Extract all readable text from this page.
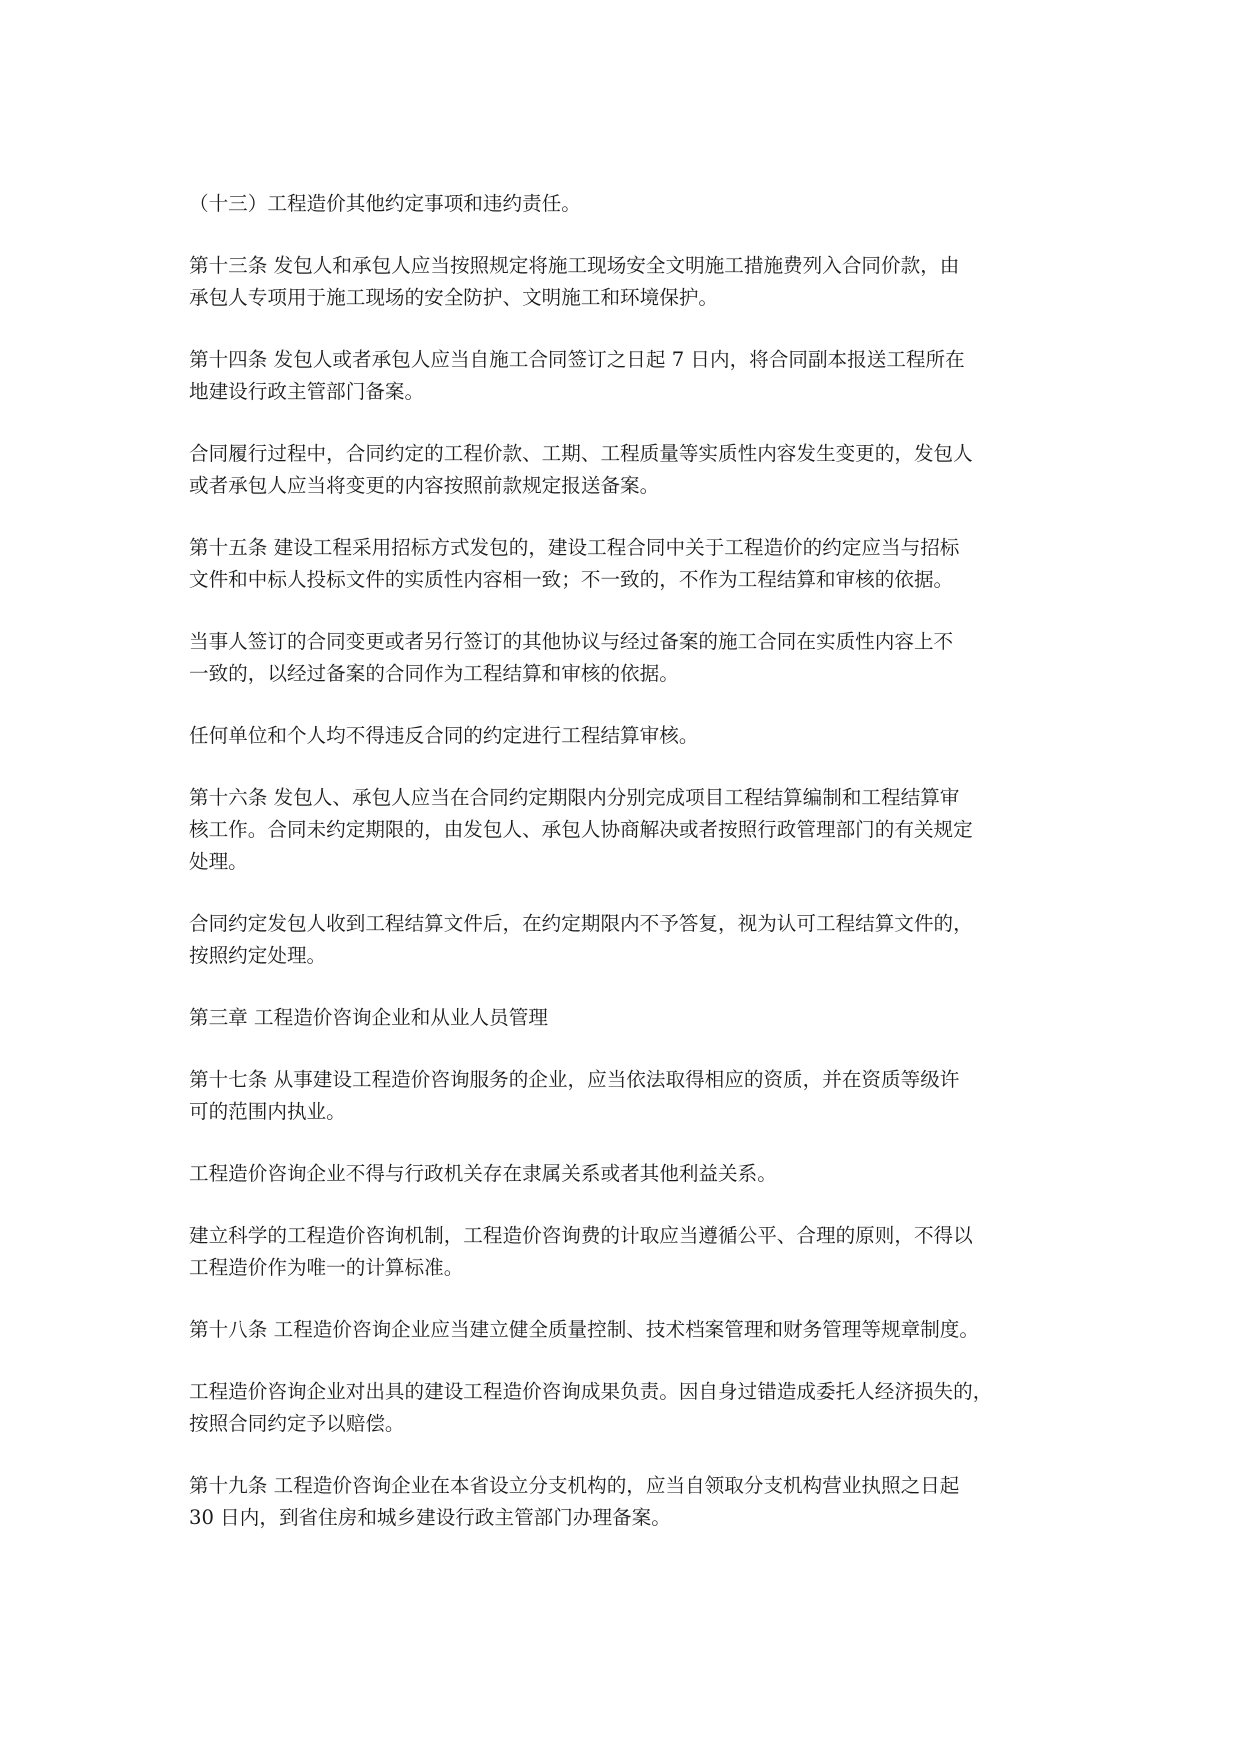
（十三）工程造价其他约定事项和违约责任。
第十三条 发包人和承包人应当按照规定将施工现场安全文明施工措施费列入合同价款，由
承包人专项用于施工现场的安全防护、文明施工和环境保护。
第十四条 发包人或者承包人应当自施工合同签订之日起 7 日内，将合同副本报送工程所在
地建设行政主管部门备案。
合同履行过程中，合同约定的工程价款、工期、工程质量等实质性内容发生变更的，发包人
或者承包人应当将变更的内容按照前款规定报送备案。
第十五条 建设工程采用招标方式发包的，建设工程合同中关于工程造价的约定应当与招标
文件和中标人投标文件的实质性内容相一致；不一致的，不作为工程结算和审核的依据。
当事人签订的合同变更或者另行签订的其他协议与经过备案的施工合同在实质性内容上不
一致的，以经过备案的合同作为工程结算和审核的依据。
任何单位和个人均不得违反合同的约定进行工程结算审核。
第十六条 发包人、承包人应当在合同约定期限内分别完成项目工程结算编制和工程结算审
核工作。合同未约定期限的，由发包人、承包人协商解决或者按照行政管理部门的有关规定
处理。
合同约定发包人收到工程结算文件后，在约定期限内不予答复，视为认可工程结算文件的，
按照约定处理。
第三章 工程造价咨询企业和从业人员管理
第十七条 从事建设工程造价咨询服务的企业，应当依法取得相应的资质，并在资质等级许
可的范围内执业。
工程造价咨询企业不得与行政机关存在隶属关系或者其他利益关系。
建立科学的工程造价咨询机制，工程造价咨询费的计取应当遵循公平、合理的原则，不得以
工程造价作为唯一的计算标准。
第十八条 工程造价咨询企业应当建立健全质量控制、技术档案管理和财务管理等规章制度。
工程造价咨询企业对出具的建设工程造价咨询成果负责。因自身过错造成委托人经济损失的，
按照合同约定予以赔偿。
第十九条 工程造价咨询企业在本省设立分支机构的，应当自领取分支机构营业执照之日起
30 日内，到省住房和城乡建设行政主管部门办理备案。
